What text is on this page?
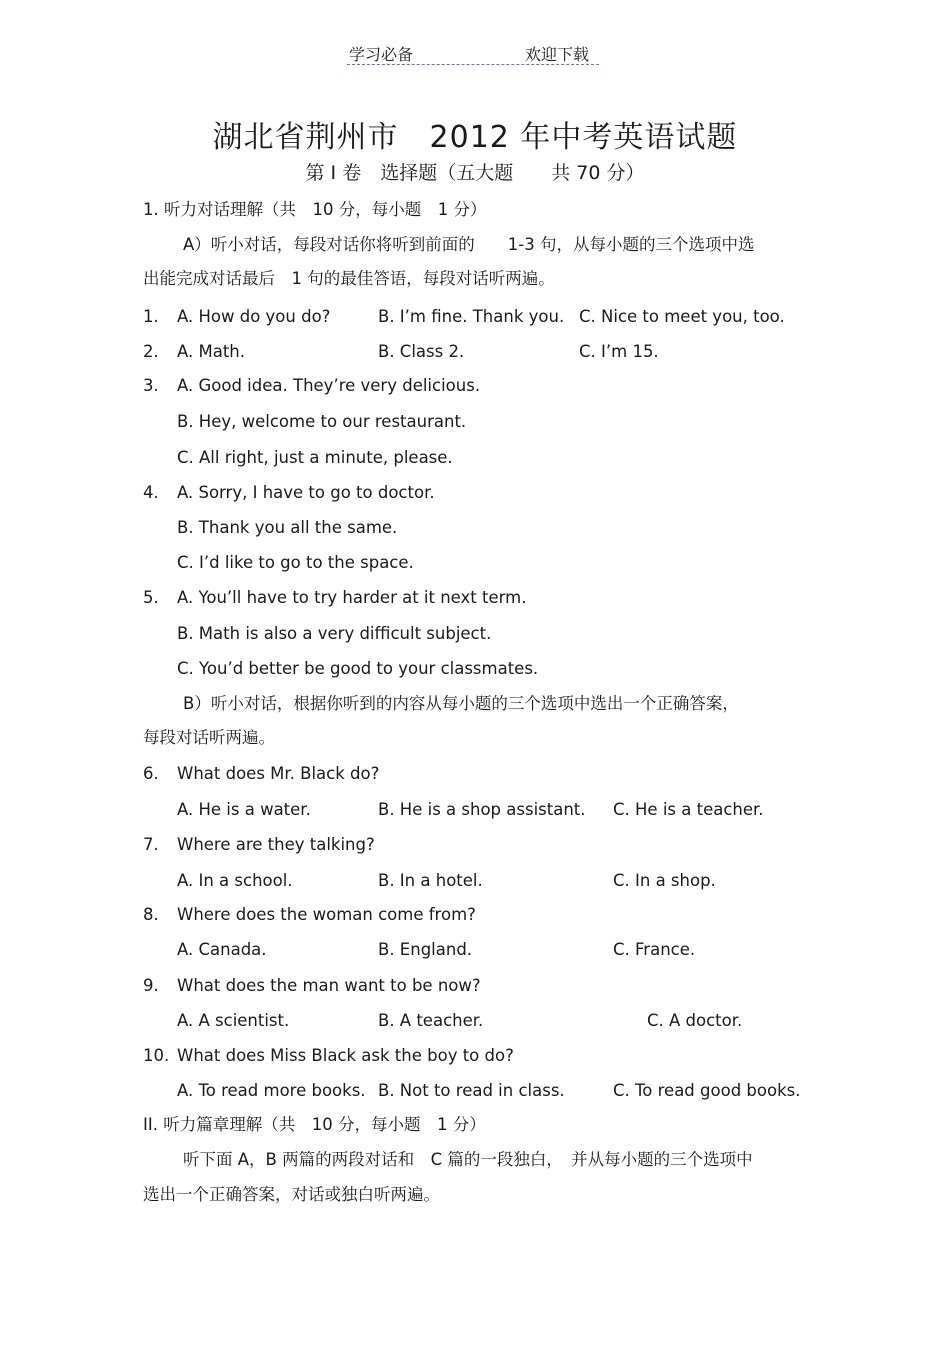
学习必备	欢迎下载
湖北省荆州市　2012 年中考英语试题
第 I 卷　选择题（五大题　　共 70 分）
1. 听力对话理解（共　10 分，每小题　1 分）
A）听小对话，每段对话你将听到前面的　　1-3 句，从每小题的三个选项中选
出能完成对话最后　1 句的最佳答语，每段对话听两遍。
1. A. How do you do?	B. I’m fine. Thank you. C. Nice to meet you, too.
2. A. Math.	B. Class 2.	C. I’m 15.
3. A. Good idea. They’re very delicious.
B. Hey, welcome to our restaurant.
C. All right, just a minute, please.
4. A. Sorry, I have to go to doctor.
B. Thank you all the same.
C. I’d like to go to the space.
5. A. You’ll have to try harder at it next term.
B. Math is also a very difficult subject.
C. You’d better be good to your classmates.
B）听小对话，根据你听到的内容从每小题的三个选项中选出一个正确答案，
每段对话听两遍。
6. What does Mr. Black do?
A. He is a water.	B. He is a shop assistant. C. He is a teacher.
7. Where are they talking?
A. In a school.	B. In a hotel.	C. In a shop.
8. Where does the woman come from?
A. Canada.	B. England.	C. France.
9. What does the man want to be now?
A. A scientist.	B. A teacher.	C. A doctor.
10. What does Miss Black ask the boy to do?
A. To read more books. B. Not to read in class.	C. To read good books.
II. 听力篇章理解（共　10 分，每小题　1 分）
听下面 A，B 两篇的两段对话和　C 篇的一段独白，　并从每小题的三个选项中
选出一个正确答案，对话或独白听两遍。
